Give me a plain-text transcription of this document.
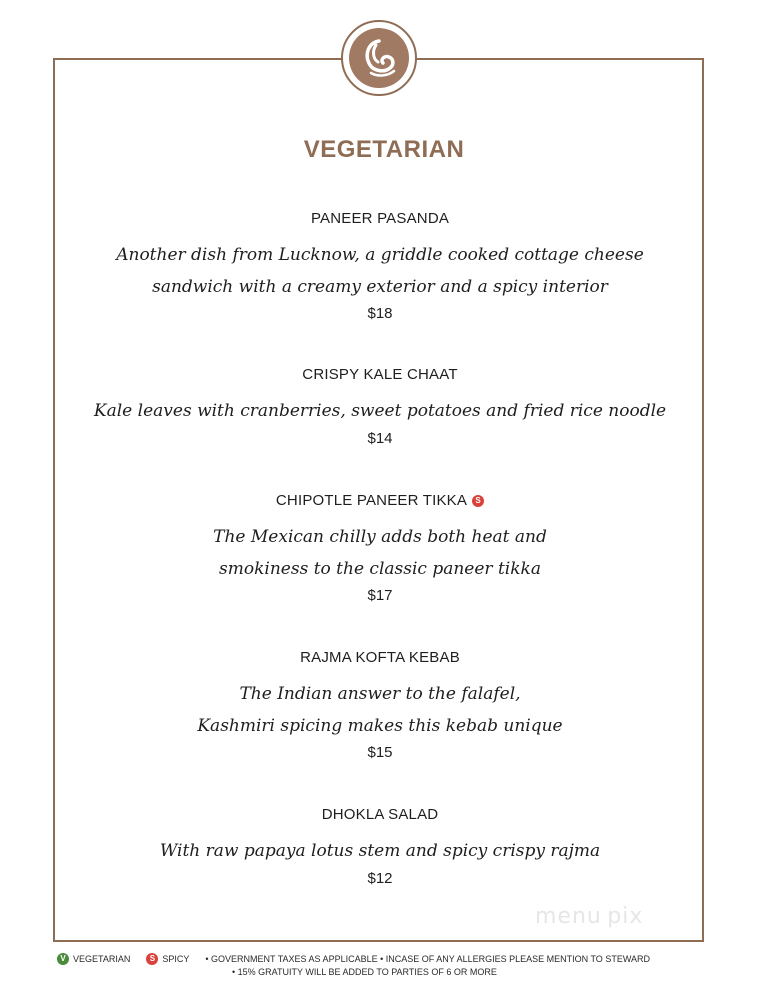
VEGETARIAN
PANEER PASANDA
Another dish from Lucknow, a griddle cooked cottage cheese
sandwich with a creamy exterior and a spicy interior
$18
CRISPY KALE CHAAT
Kale leaves with cranberries, sweet potatoes and fried rice noodle
$14
CHIPOTLE PANEER TIKKA	S
The Mexican chilly adds both heat and
smokiness to the classic paneer tikka
$17
RAJMA KOFTA KEBAB
The Indian answer to the falafel,
Kashmiri spicing makes this kebab unique
$15
DHOKLA SALAD
With raw papaya lotus stem and spicy crispy rajma
$12
menu pix
V VEGETARIAN	S SPICY • GOVERNMENT TAXES AS APPLICABLE • INCASE OF ANY ALLERGIES PLEASE MENTION TO STEWARD
• 15% GRATUITY WILL BE ADDED TO PARTIES OF 6 OR MORE
